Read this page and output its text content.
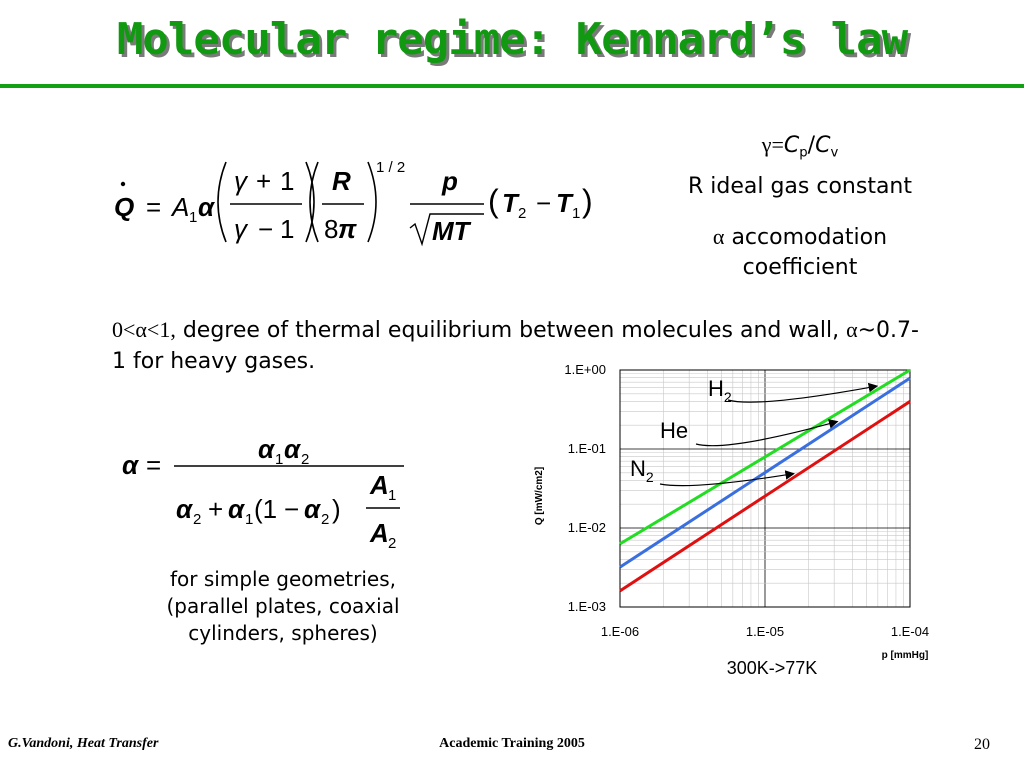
Molecular regime: Kennard’s law
Q = A 1 α
γ + 1
γ − 1
R
8 π
1 / 2 p
MT
( T 2 − T 1 )
$\gamma=C_p/C_v$
R ideal gas constant
α accomodation
coefficient
0<α<1, degree of thermal equilibrium between molecules and wall, α~0.7-1 for heavy gases.
α =
α 1 α 2
α 2 + α 1 (1 − α 2 )
A 1
A 2
for simple geometries,
(parallel plates, coaxial
cylinders, spheres)	1.E-06	1.E-05	1.E-04
1.E+00
1.E-01
1.E-02
1.E-03
Q [mW/cm2]
p [mmHg]
300K->77K
$H_2$
He
$N_2$
G.Vandoni, Heat Transfer	Academic Training 2005	20
